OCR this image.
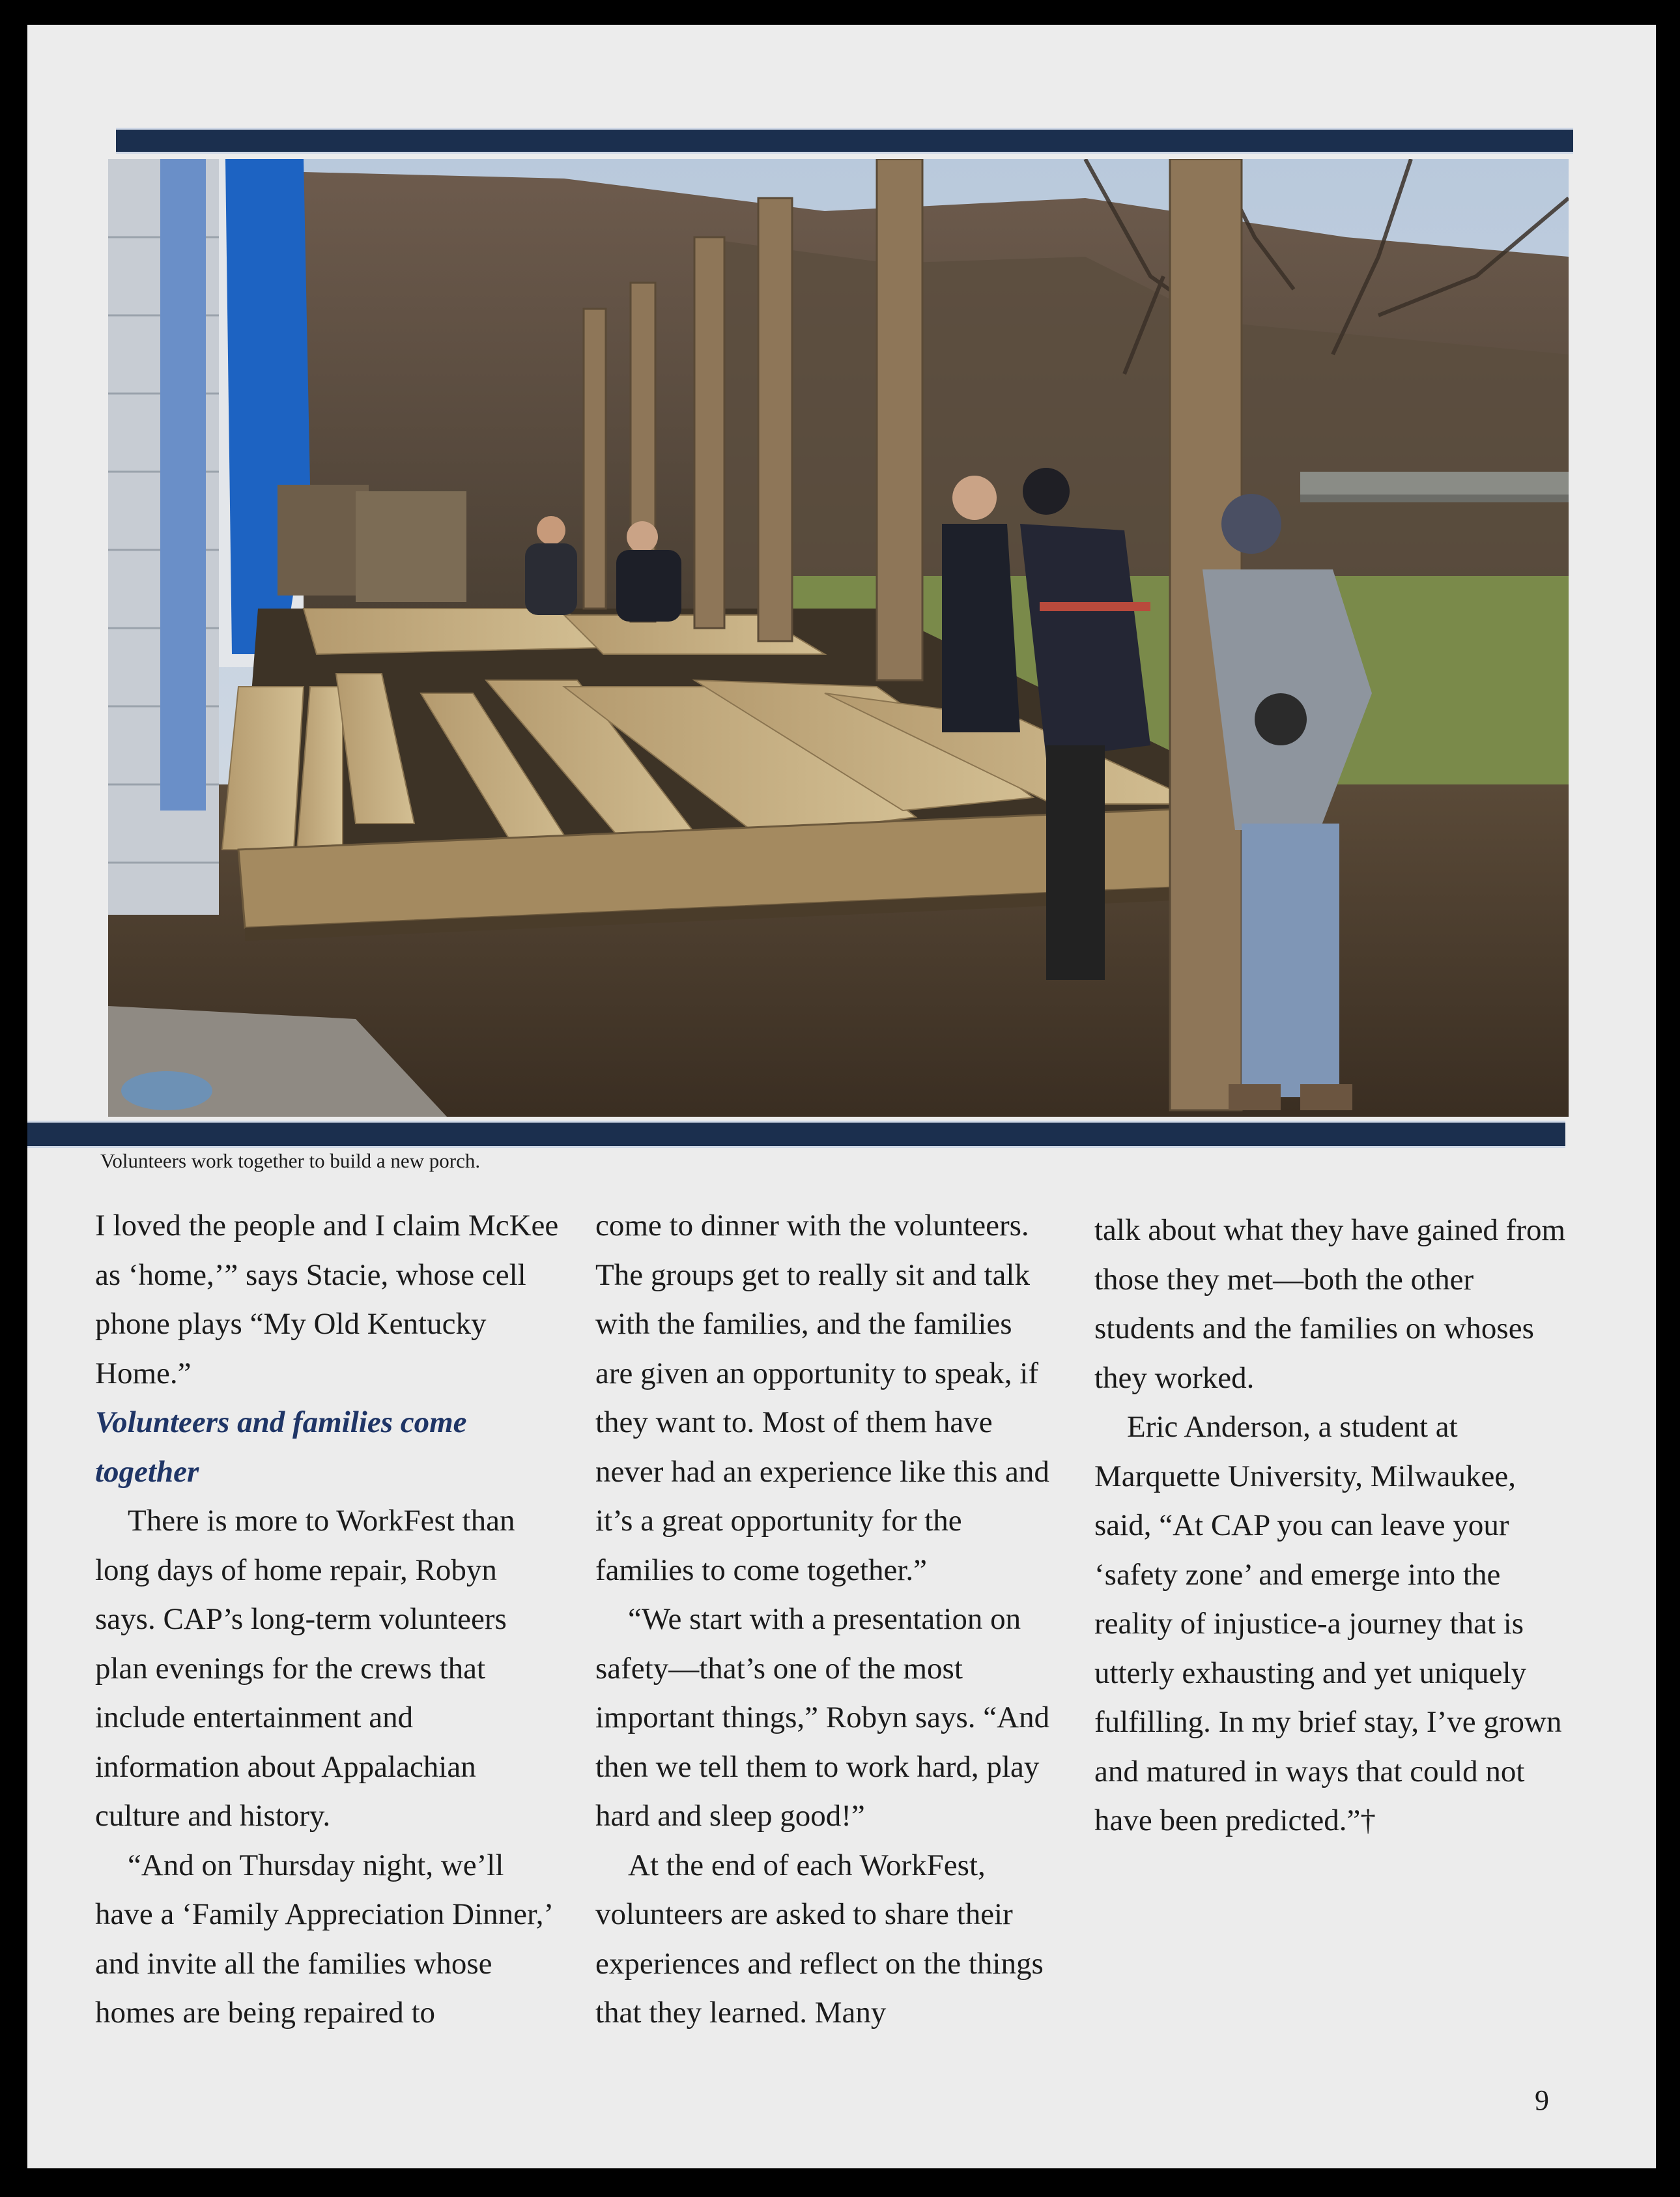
Volunteers work together to build a new porch.

I loved the people and I claim McKee as ‘home,’” says Stacie, whose cell phone plays “My Old Kentucky Home.”

Volunteers and families come together

There is more to WorkFest than long days of home repair, Robyn says. CAP’s long-term volunteers plan evenings for the crews that include entertainment and information about Appalachian culture and history.

“And on Thursday night, we’ll have a ‘Family Appreciation Dinner,’ and invite all the families whose homes are being repaired to

come to dinner with the volunteers. The groups get to really sit and talk with the families, and the families are given an opportunity to speak, if they want to. Most of them have never had an experience like this and it’s a great opportunity for the families to come together.”

“We start with a presentation on safety—that’s one of the most important things,” Robyn says. “And then we tell them to work hard, play hard and sleep good!”

At the end of each WorkFest, volunteers are asked to share their experiences and reflect on the things that they learned. Many

talk about what they have gained from those they met—both the other students and the families on whoses they worked.

Eric Anderson, a student at Marquette University, Milwaukee, said, “At CAP you can leave your ‘safety zone’ and emerge into the reality of injustice-a journey that is utterly exhausting and yet uniquely fulfilling. In my brief stay, I’ve grown and matured in ways that could not have been predicted.”†

9
